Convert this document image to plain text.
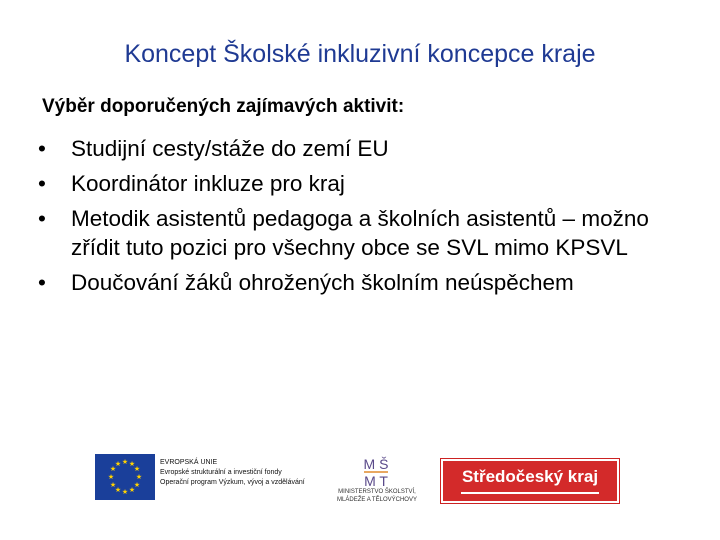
Koncept Školské inkluzivní koncepce kraje
Výběr doporučených zajímavých aktivit:
• Studijní cesty/stáže do zemí EU
• Koordinátor inkluze pro kraj
• Metodik asistentů pedagoga a školních asistentů – možno zřídit tuto pozici pro všechny obce se SVL mimo KPSVL
• Doučování žáků ohrožených školním neúspěchem
★ ★
★
★
★
★
★
★
★
★
★
★	EVROPSKÁ UNIE
Evropské strukturální a investiční fondy
Operační program Výzkum, vývoj a vzdělávání
M Š
M T
MINISTERSTVO ŠKOLSTVÍ,
MLÁDEŽE A TĚLOVÝCHOVY
Středočeský kraj
